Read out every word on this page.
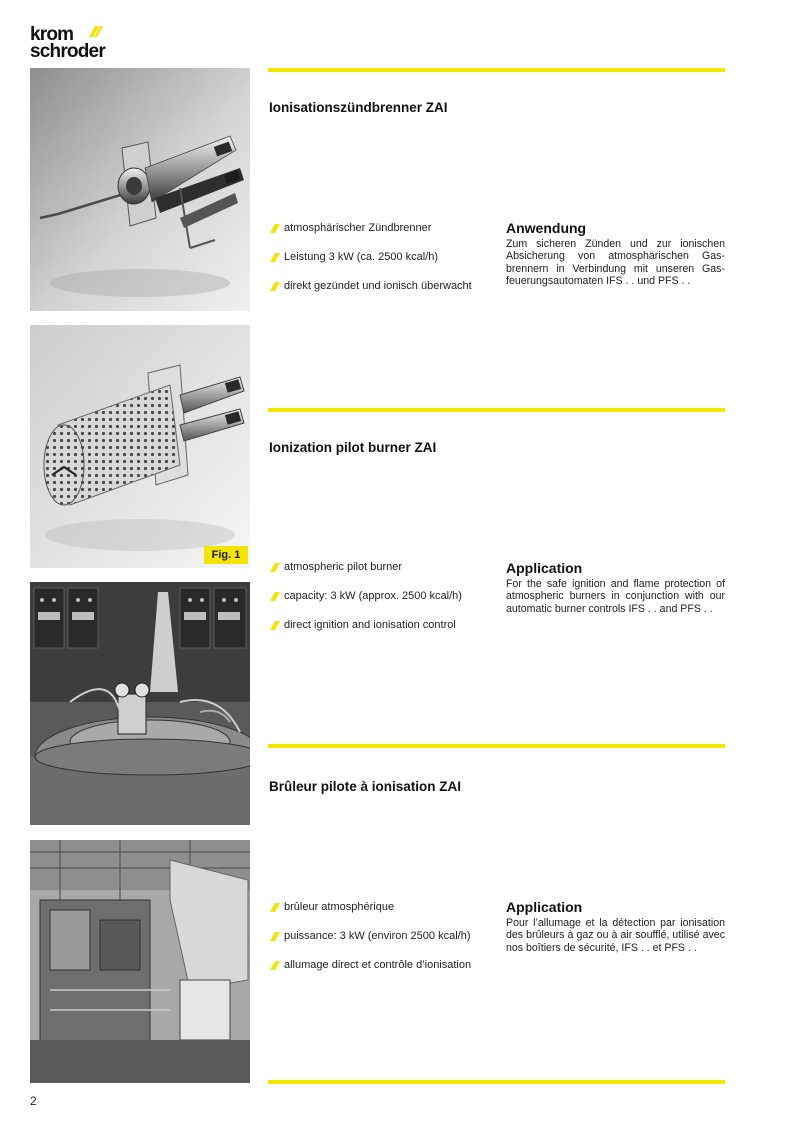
krom
schroder
Fig. 1
Ionisationszündbrenner ZAI
atmosphärischer Zündbrenner
Leistung 3 kW (ca. 2500 kcal/h)
direkt gezündet und ionisch überwacht
Anwendung
Zum sicheren Zünden und zur ionischen Absicherung von atmosphärischen Gasbrennern in Verbindung mit unseren Gasfeuerungsautomaten IFS . . und PFS . .
Ionization pilot burner ZAI
atmospheric pilot burner
capacity: 3 kW (approx. 2500 kcal/h)
direct ignition and ionisation control
Application
For the safe ignition and flame protection of atmospheric burners in conjunction with our automatic burner controls IFS . . and PFS . .
Brûleur pilote à ionisation ZAI
brûleur atmosphérique
puissance: 3 kW (environ 2500 kcal/h)
allumage direct et contrôle d’ionisation
Application
Pour l’allumage et la détection par ionisation des brûleurs à gaz ou à air soufflé, utilisé avec nos boîtiers de sécurité, IFS . . et PFS . .
2
